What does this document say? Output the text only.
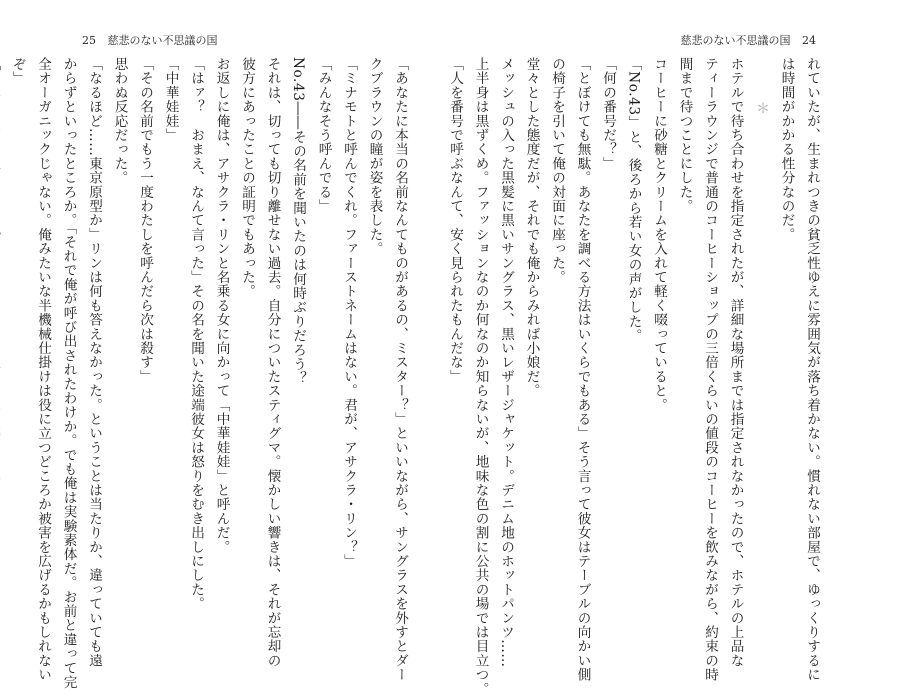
25 慈悲のない不思議の国	慈悲のない不思議の国 24
れていたが、生まれつきの貧乏性ゆえに雰囲気が落ち着かない。慣れない部屋で、ゆっくりするに
は時間がかかる性分なのだ。
＊
ホテルで待ち合わせを指定されたが、詳細な場所までは指定されなかったので、ホテルの上品な
ティーラウンジで普通のコーヒーショップの三倍くらいの値段のコーヒーを飲みながら、約束の時
間まで待つことにした。
コーヒーに砂糖とクリームを入れて軽く啜っていると。
「No.43」と、後ろから若い女の声がした。
「何の番号だ？」
「とぼけても無駄。あなたを調べる方法はいくらでもある」そう言って彼女はテーブルの向かい側
の椅子を引いて俺の対面に座った。
堂々とした態度だが、それでも俺からみれば小娘だ。
メッシュの入った黒髪に黒いサングラス、黒いレザージャケット。デニム地のホットパンツ……
上半身は黒ずくめ。ファッションなのか何なのか知らないが、地味な色の割に公共の場では目立つ。
「人を番号で呼ぶなんて、安く見られたもんだな」
「あなたに本当の名前なんてものがあるの、ミスター？」といいながら、サングラスを外すとダー
クブラウンの瞳が姿を表した。
「ミナモトと呼んでくれ。ファーストネームはない。君が、アサクラ・リン？」
「みんなそう呼んでる」
No.43――その名前を聞いたのは何時ぶりだろう？
それは、切っても切り離せない過去。自分についたスティグマ。懐かしい響きは、それが忘却の
彼方にあったことの証明でもあった。
お返しに俺は、アサクラ・リンと名乗る女に向かって「中華娃娃」と呼んだ。
「はァ？　おまえ、なんて言った」その名を聞いた途端彼女は怒りをむき出しにした。
「中華娃娃」
「その名前でもう一度わたしを呼んだら次は殺す」
思わぬ反応だった。
「なるほど……東京原型か」リンは何も答えなかった。ということは当たりか、違っていても遠
からずといったところか。「それで俺が呼び出されたわけか。でも俺は実験素体だ。お前と違って完
全オーガニックじゃない。俺みたいな半機械仕掛けは役に立つどころか被害を広げるかもしれない
ぞ」
